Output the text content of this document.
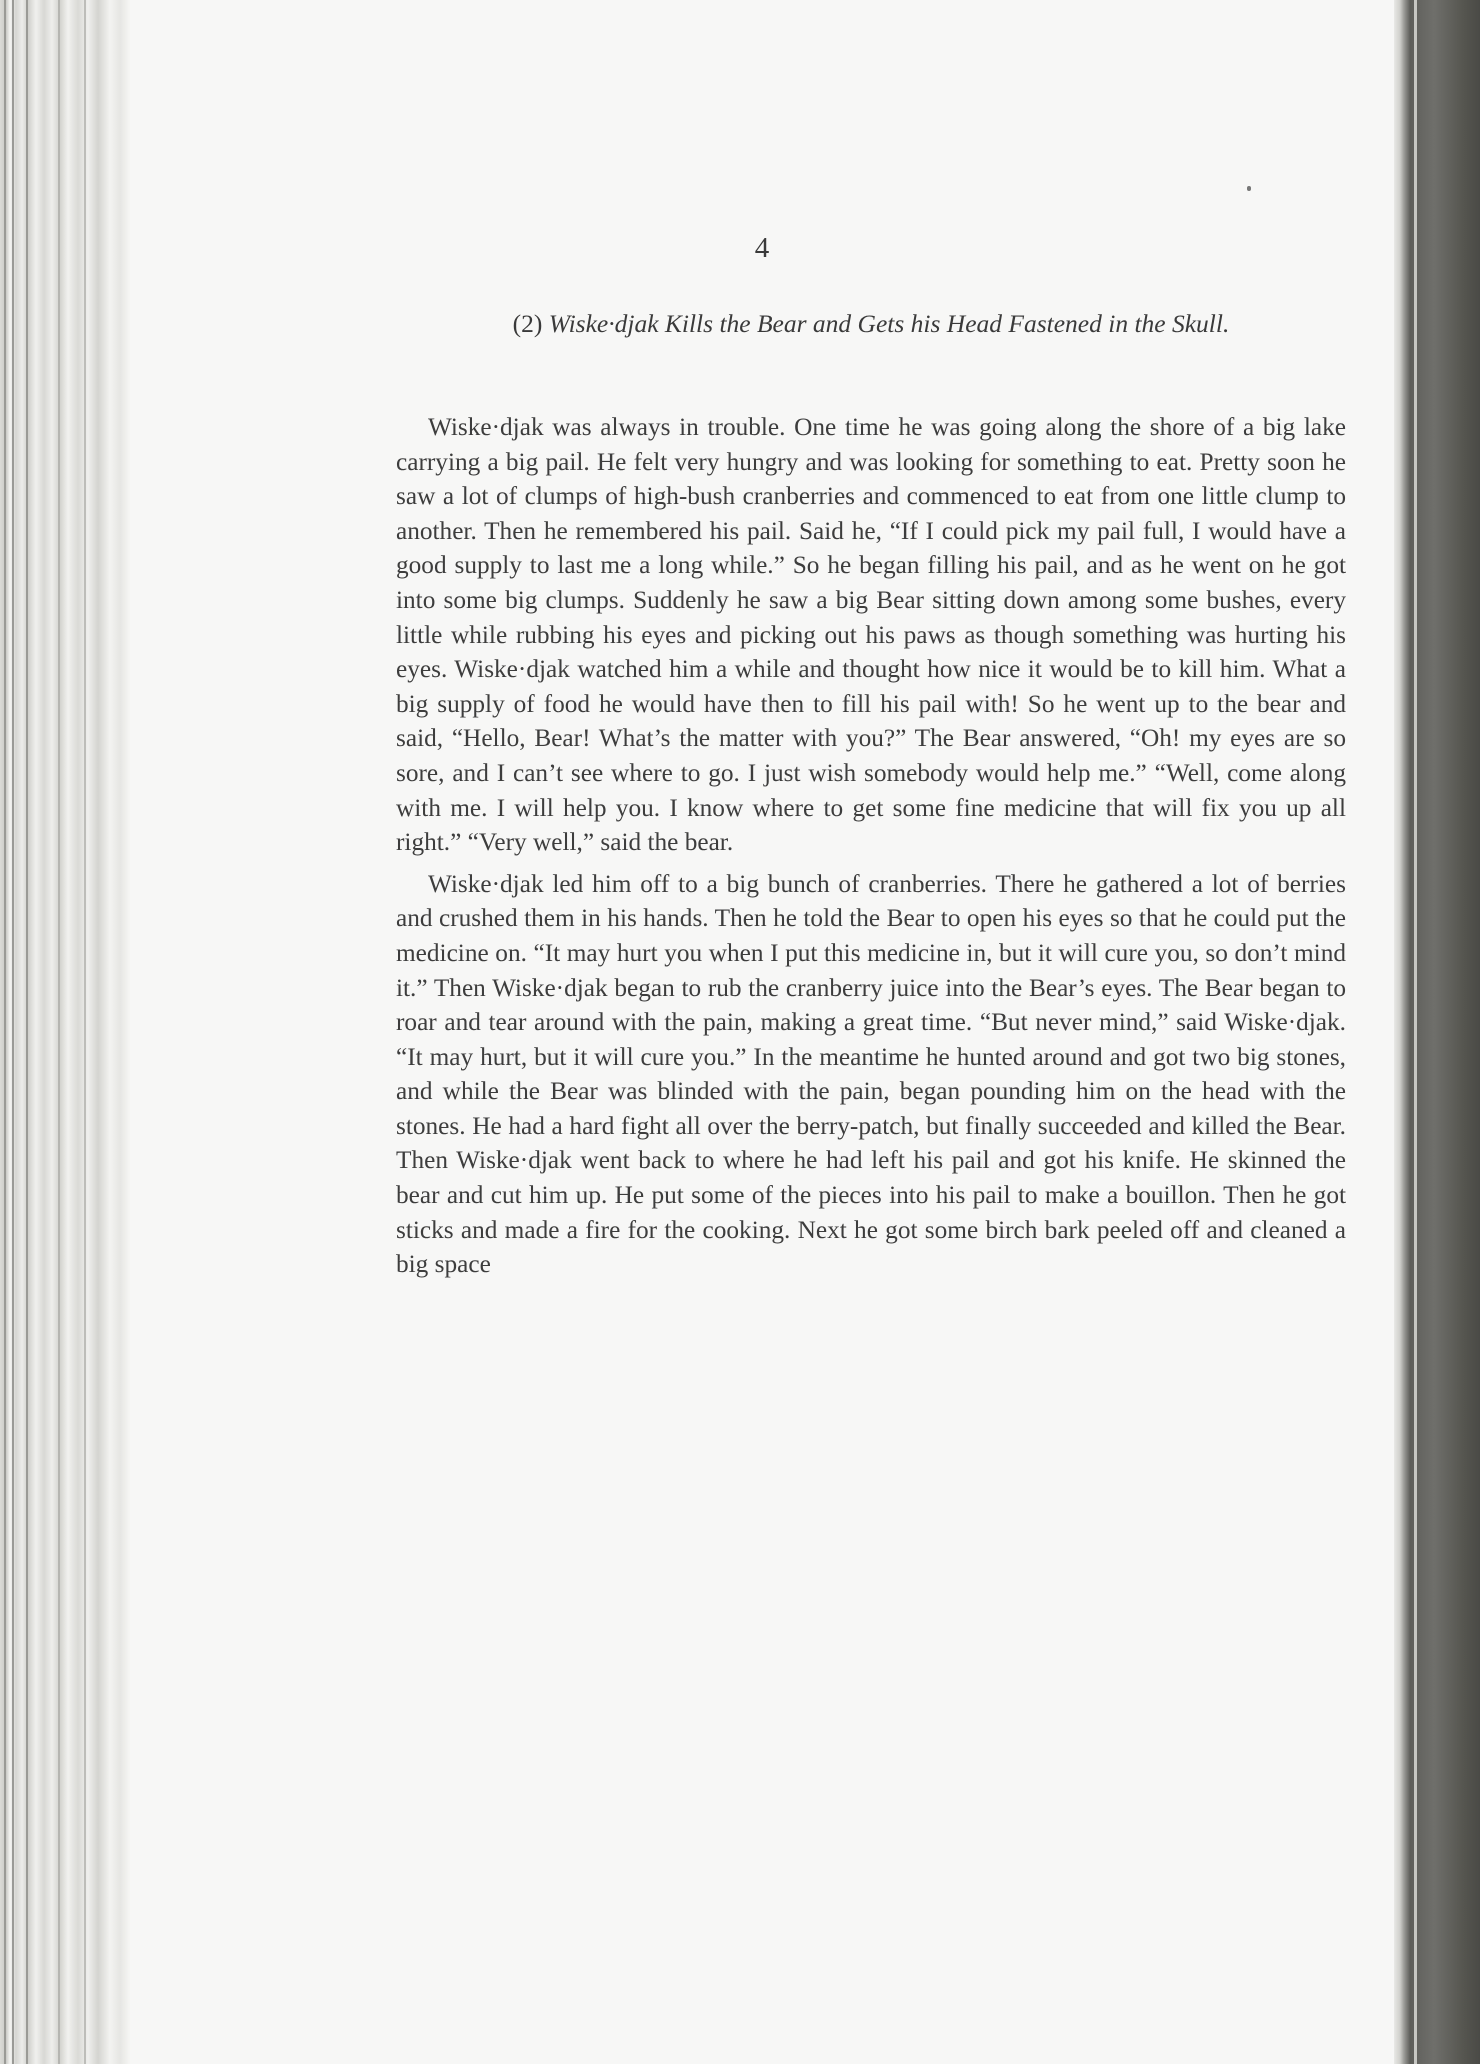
4
(2) Wiske·djak Kills the Bear and Gets his Head Fastened in the Skull.

Wiske·djak was always in trouble. One time he was going along the shore of a big lake carrying a big pail. He felt very hungry and was looking for something to eat. Pretty soon he saw a lot of clumps of high-bush cranberries and commenced to eat from one little clump to another. Then he remembered his pail. Said he, “If I could pick my pail full, I would have a good supply to last me a long while.” So he began filling his pail, and as he went on he got into some big clumps. Suddenly he saw a big Bear sitting down among some bushes, every little while rubbing his eyes and picking out his paws as though something was hurting his eyes. Wiske·djak watched him a while and thought how nice it would be to kill him. What a big supply of food he would have then to fill his pail with! So he went up to the bear and said, “Hello, Bear! What’s the matter with you?” The Bear answered, “Oh! my eyes are so sore, and I can’t see where to go. I just wish somebody would help me.” “Well, come along with me. I will help you. I know where to get some fine medicine that will fix you up all right.” “Very well,” said the bear.

Wiske·djak led him off to a big bunch of cranberries. There he gathered a lot of berries and crushed them in his hands. Then he told the Bear to open his eyes so that he could put the medicine on. “It may hurt you when I put this medicine in, but it will cure you, so don’t mind it.” Then Wiske·djak began to rub the cranberry juice into the Bear’s eyes. The Bear began to roar and tear around with the pain, making a great time. “But never mind,” said Wiske·djak. “It may hurt, but it will cure you.” In the meantime he hunted around and got two big stones, and while the Bear was blinded with the pain, began pounding him on the head with the stones. He had a hard fight all over the berry-patch, but finally succeeded and killed the Bear. Then Wiske·djak went back to where he had left his pail and got his knife. He skinned the bear and cut him up. He put some of the pieces into his pail to make a bouillon. Then he got sticks and made a fire for the cooking. Next he got some birch bark peeled off and cleaned a big space
